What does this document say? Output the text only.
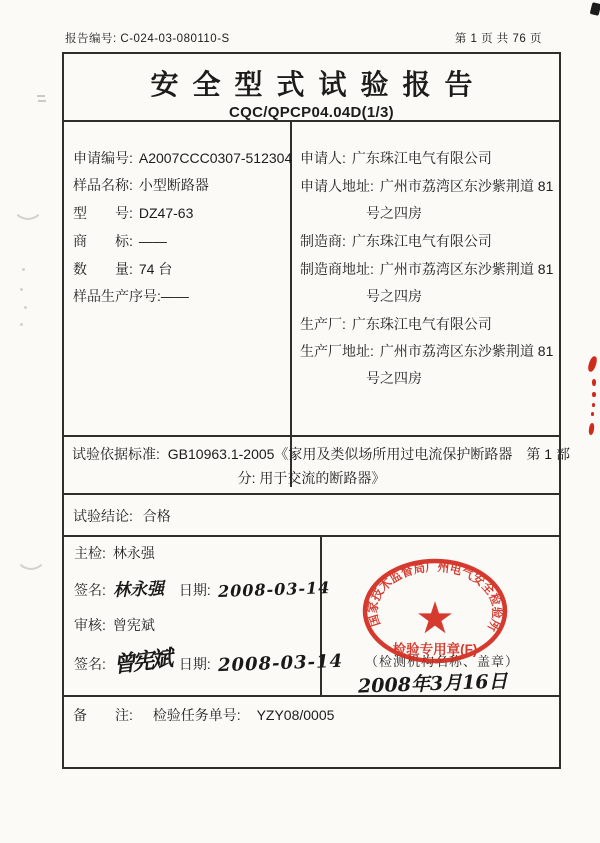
报告编号: C-024-03-080110-S	第 1 页 共 76 页
安全型式试验报告
CQC/QPCP04.04D(1/3)
申请编号: A2007CCC0307-512304
样品名称: 小型断路器
型　　号: DZ47-63
商　　标: ——
数　　量: 74 台
样品生产序号:——
申请人: 广东珠江电气有限公司
申请人地址: 广州市荔湾区东沙紫荆道 81
号之四房
制造商: 广东珠江电气有限公司
制造商地址: 广州市荔湾区东沙紫荆道 81
号之四房
生产厂: 广东珠江电气有限公司
生产厂地址: 广州市荔湾区东沙紫荆道 81
号之四房
试验依据标准: GB10963.1-2005《家用及类似场所用过电流保护断路器　第 1 部
分: 用于交流的断路器》
试验结论: 合格
主检: 林永强
签名: 林永强 日期: 2008-03-14
审核: 曾宪斌
签名: 曾宪斌 日期: 2008-03-14	（检测机构名称、盖章）
国家技术监督局广州电气安全检验所
★
检验专用章(F)
2008年3月16日
备　　注: 检验任务单号: YZY08/0005
